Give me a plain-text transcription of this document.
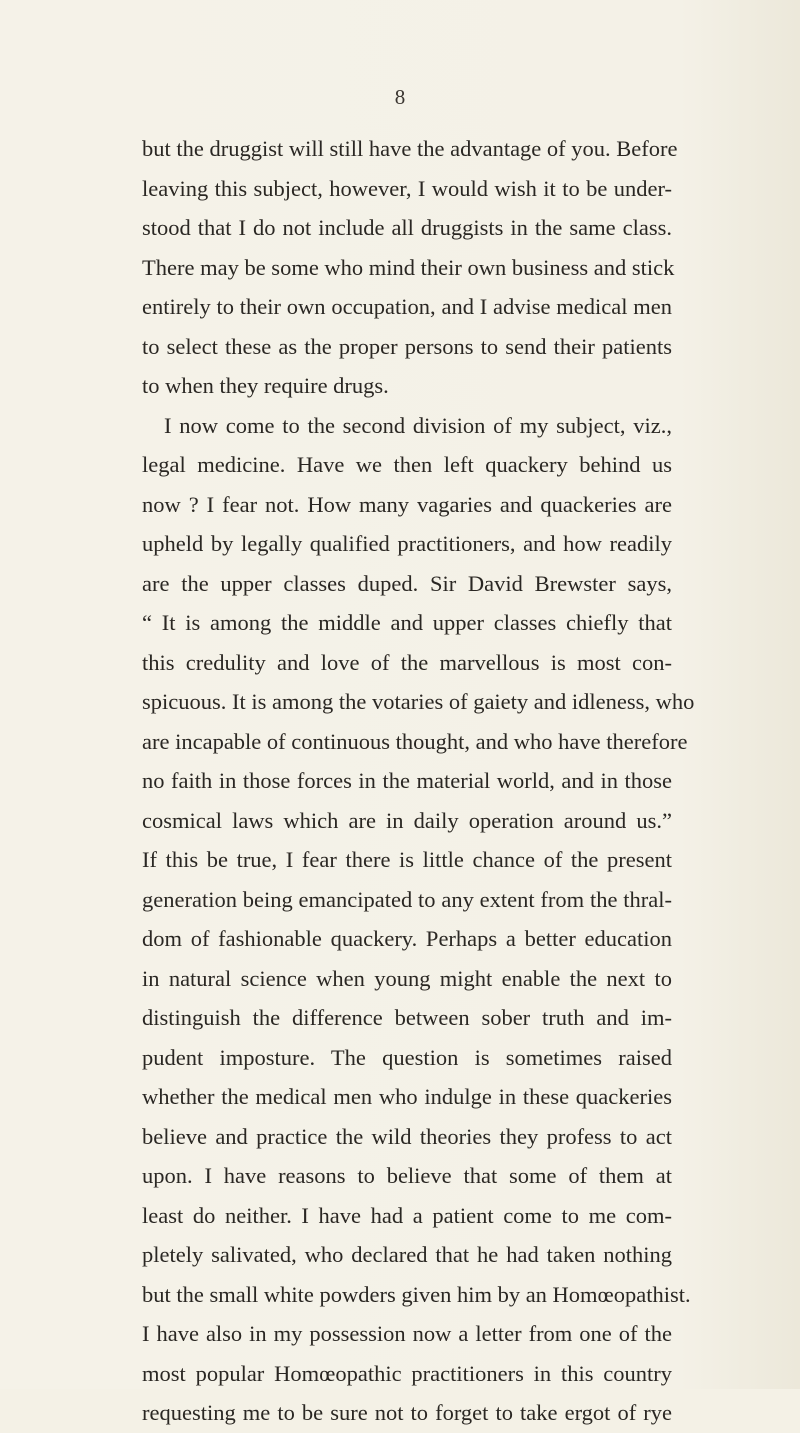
8
but the druggist will still have the advantage of you. Before
leaving this subject, however, I would wish it to be under-
stood that I do not include all druggists in the same class.
There may be some who mind their own business and stick
entirely to their own occupation, and I advise medical men
to select these as the proper persons to send their patients
to when they require drugs.
I now come to the second division of my subject, viz.,
legal medicine. Have we then left quackery behind us
now ? I fear not. How many vagaries and quackeries are
upheld by legally qualified practitioners, and how readily
are the upper classes duped. Sir David Brewster says,
“ It is among the middle and upper classes chiefly that
this credulity and love of the marvellous is most con-
spicuous. It is among the votaries of gaiety and idleness, who
are incapable of continuous thought, and who have therefore
no faith in those forces in the material world, and in those
cosmical laws which are in daily operation around us.”
If this be true, I fear there is little chance of the present
generation being emancipated to any extent from the thral-
dom of fashionable quackery. Perhaps a better education
in natural science when young might enable the next to
distinguish the difference between sober truth and im-
pudent imposture. The question is sometimes raised
whether the medical men who indulge in these quackeries
believe and practice the wild theories they profess to act
upon. I have reasons to believe that some of them at
least do neither. I have had a patient come to me com-
pletely salivated, who declared that he had taken nothing
but the small white powders given him by an Homœopathist.
I have also in my possession now a letter from one of the
most popular Homœopathic practitioners in this country
requesting me to be sure not to forget to take ergot of rye
